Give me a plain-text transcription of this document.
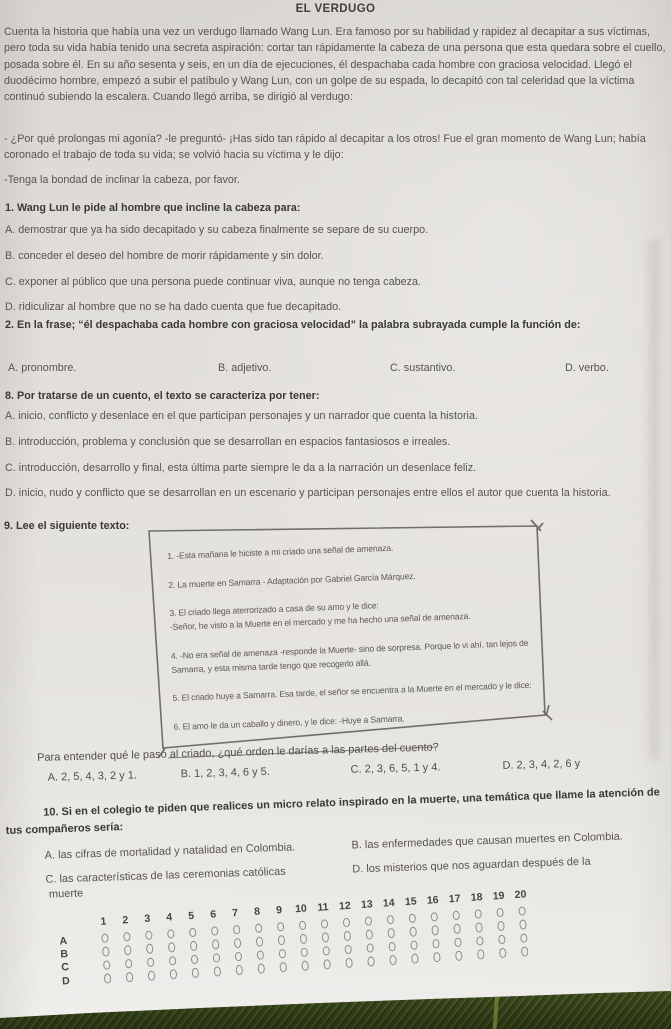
EL VERDUGO
Cuenta la historia que había una vez un verdugo llamado Wang Lun. Era famoso por su habilidad y rapidez al decapitar a sus víctimas, pero toda su vida había tenido una secreta aspiración: cortar tan rápidamente la cabeza de una persona que esta quedara sobre el cuello, posada sobre él. En su año sesenta y seis, en un día de ejecuciones, él despachaba cada hombre con graciosa velocidad. Llegó el duodécimo hombre, empezó a subir el patíbulo y Wang Lun, con un golpe de su espada, lo decapitó con tal celeridad que la víctima continuó subiendo la escalera. Cuando llegó arriba, se dirigió al verdugo:
- ¿Por qué prolongas mi agonía? -le preguntó- ¡Has sido tan rápido al decapitar a los otros! Fue el gran momento de Wang Lun; había coronado el trabajo de toda su vida; se volvió hacia su víctima y le dijo:
-Tenga la bondad de inclinar la cabeza, por favor.
1. Wang Lun le pide al hombre que incline la cabeza para:
A. demostrar que ya ha sido decapitado y su cabeza finalmente se separe de su cuerpo.
B. conceder el deseo del hombre de morir rápidamente y sin dolor.
C. exponer al público que una persona puede continuar viva, aunque no tenga cabeza.
D. ridiculizar al hombre que no se ha dado cuenta que fue decapitado.
2. En la frase; “él despachaba cada hombre con graciosa velocidad” la palabra subrayada cumple la función de:
A. pronombre.	B. adjetivo.	C. sustantivo.	D. verbo.
8. Por tratarse de un cuento, el texto se caracteriza por tener:
A. inicio, conflicto y desenlace en el que participan personajes y un narrador que cuenta la historia.
B. introducción, problema y conclusión que se desarrollan en espacios fantasiosos e irreales.
C. introducción, desarrollo y final, esta última parte siempre le da a la narración un desenlace feliz.
D. inicio, nudo y conflicto que se desarrollan en un escenario y participan personajes entre ellos el autor que cuenta la historia.
9. Lee el siguiente texto:
1. -Esta mañana le hiciste a mi criado una señal de amenaza.
2. La muerte en Samarra - Adaptación por Gabriel García Márquez.
3. El criado llega aterrorizado a casa de su amo y le dice:
-Señor, he visto a la Muerte en el mercado y me ha hecho una señal de amenaza.
4. -No era señal de amenaza -responde la Muerte- sino de sorpresa. Porque lo vi ahí, tan lejos de
Samarra, y esta misma tarde tengo que recogerlo allá.
5. El criado huye a Samarra. Esa tarde, el señor se encuentra a la Muerte en el mercado y le dice:
6. El amo le da un caballo y dinero, y le dice: -Huye a Samarra.
Para entender qué le pasó al criado, ¿qué orden le darías a las partes del cuento?
A. 2, 5, 4, 3, 2 y 1.	B. 1, 2, 3, 4, 6 y 5.	C. 2, 3, 6, 5, 1 y 4.	D. 2, 3, 4, 2, 6 y
10. Si en el colegio te piden que realices un micro relato inspirado en la muerte, una temática que llame la atención de tus compañeros sería:
A. las cifras de mortalidad y natalidad en Colombia.
B. las enfermedades que causan muertes en Colombia.
C. las características de las ceremonias católicas
D. los misterios que nos aguardan después de la
muerte
1	2	3	4	5	6	7	8	9	10 11 12 13 14 15 16 17 18 19 20
A
B
C
D
